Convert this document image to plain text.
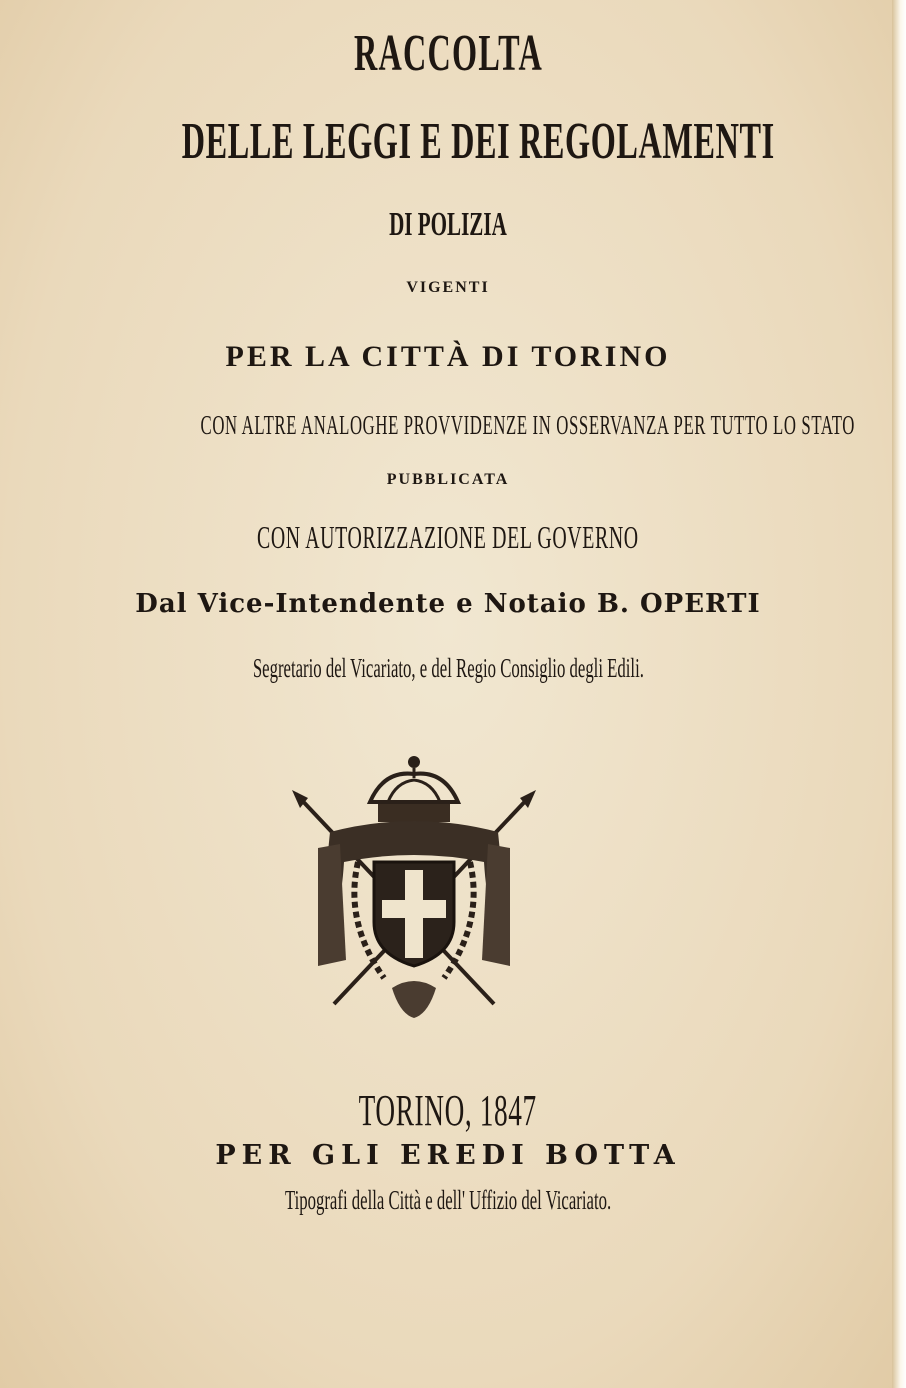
RACCOLTA
DELLE LEGGI E DEI REGOLAMENTI
DI POLIZIA
VIGENTI
PER LA CITTÀ DI TORINO
CON ALTRE ANALOGHE PROVVIDENZE IN OSSERVANZA PER TUTTO LO STATO
PUBBLICATA
CON AUTORIZZAZIONE DEL GOVERNO
Dal Vice-Intendente e Notaio B. OPERTI
Segretario del Vicariato, e del Regio Consiglio degli Edili.
TORINO, 1847
PER GLI EREDI BOTTA
Tipografi della Città e dell' Uffizio del Vicariato.
